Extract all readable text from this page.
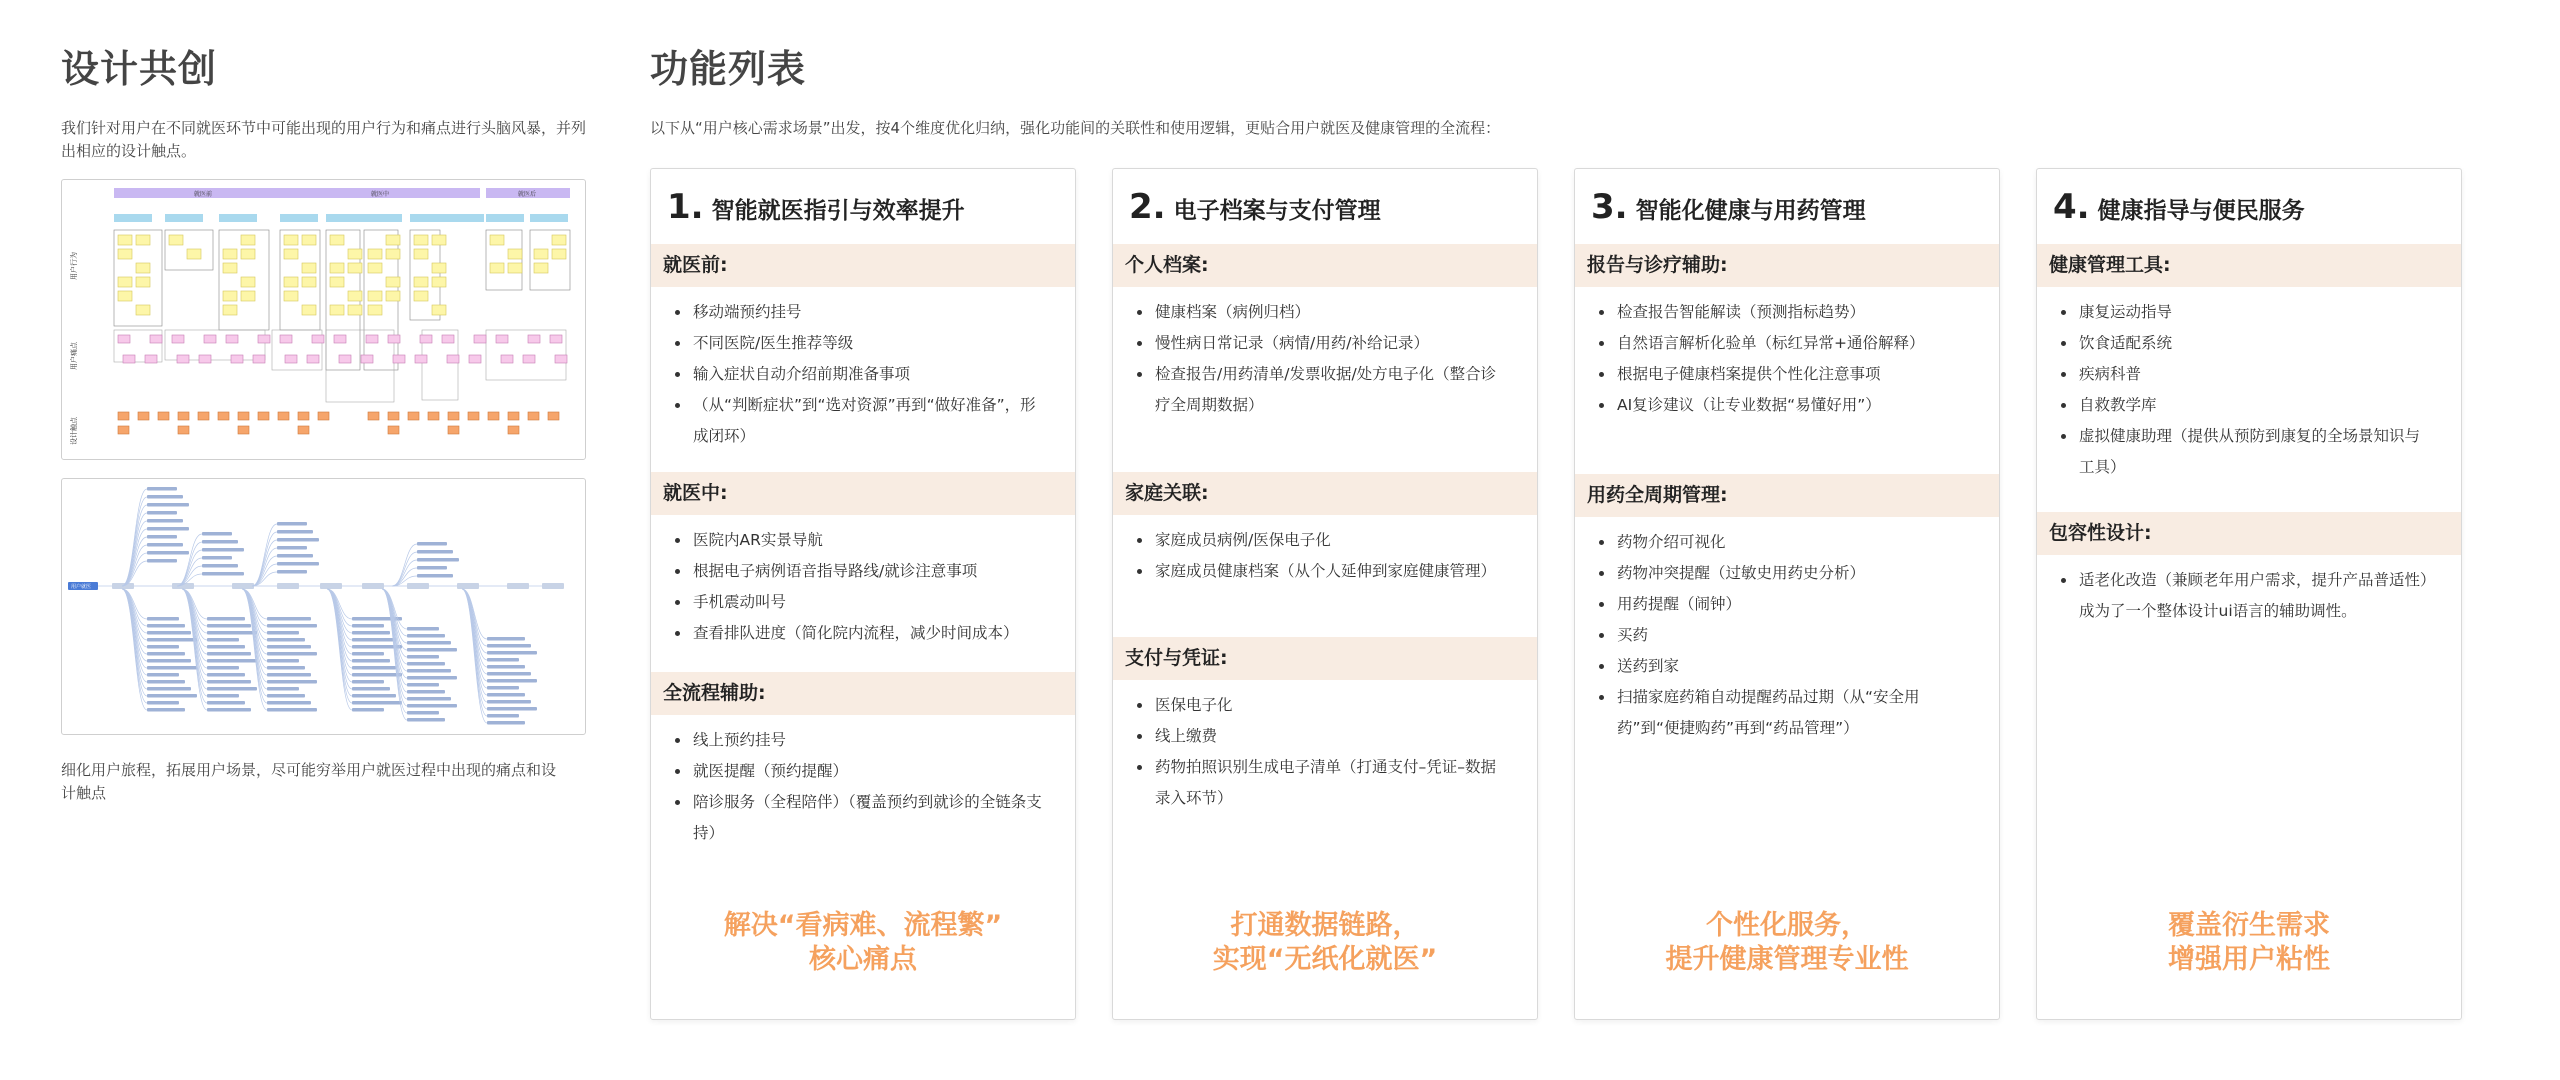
设计共创
我们针对用户在不同就医环节中可能出现的用户行为和痛点进行头脑风暴，并列出相应的设计触点。
就医前	就医中	就医后
用户行为
用户痛点
设计触点
用户就医
细化用户旅程，拓展用户场景，尽可能穷举用户就医过程中出现的痛点和设计触点
功能列表
以下从“用户核心需求场景”出发，按4个维度优化归纳，强化功能间的关联性和使用逻辑，更贴合用户就医及健康管理的全流程：
1. 智能就医指引与效率提升
就医前:
移动端预约挂号
不同医院/医生推荐等级
输入症状自动介绍前期准备事项
（从“判断症状”到“选对资源”再到“做好准备”，形成闭环）
就医中:
医院内AR实景导航
根据电子病例语音指导路线/就诊注意事项
手机震动叫号
查看排队进度（简化院内流程，减少时间成本）
全流程辅助:
线上预约挂号
就医提醒（预约提醒）
陪诊服务（全程陪伴）（覆盖预约到就诊的全链条支持）
解决“看病难、流程繁”
核心痛点
2. 电子档案与支付管理
个人档案:
健康档案（病例归档）
慢性病日常记录（病情/用药/补给记录）
检查报告/用药清单/发票收据/处方电子化（整合诊疗全周期数据）
家庭关联:
家庭成员病例/医保电子化
家庭成员健康档案（从个人延伸到家庭健康管理）
支付与凭证:
医保电子化
线上缴费
药物拍照识别生成电子清单（打通支付–凭证–数据录入环节）
打通数据链路，
实现“无纸化就医”
3. 智能化健康与用药管理
报告与诊疗辅助:
检查报告智能解读（预测指标趋势）
自然语言解析化验单（标红异常+通俗解释）
根据电子健康档案提供个性化注意事项
AI复诊建议（让专业数据“易懂好用”）
用药全周期管理:
药物介绍可视化
药物冲突提醒（过敏史用药史分析）
用药提醒（闹钟）
买药
送药到家
扫描家庭药箱自动提醒药品过期（从“安全用药”到“便捷购药”再到“药品管理”）
个性化服务，
提升健康管理专业性
4. 健康指导与便民服务
健康管理工具:
康复运动指导
饮食适配系统
疾病科普
自救教学库
虚拟健康助理（提供从预防到康复的全场景知识与工具）
包容性设计:
适老化改造（兼顾老年用户需求，提升产品普适性）成为了一个整体设计ui语言的辅助调性。
覆盖衍生需求
增强用户粘性
